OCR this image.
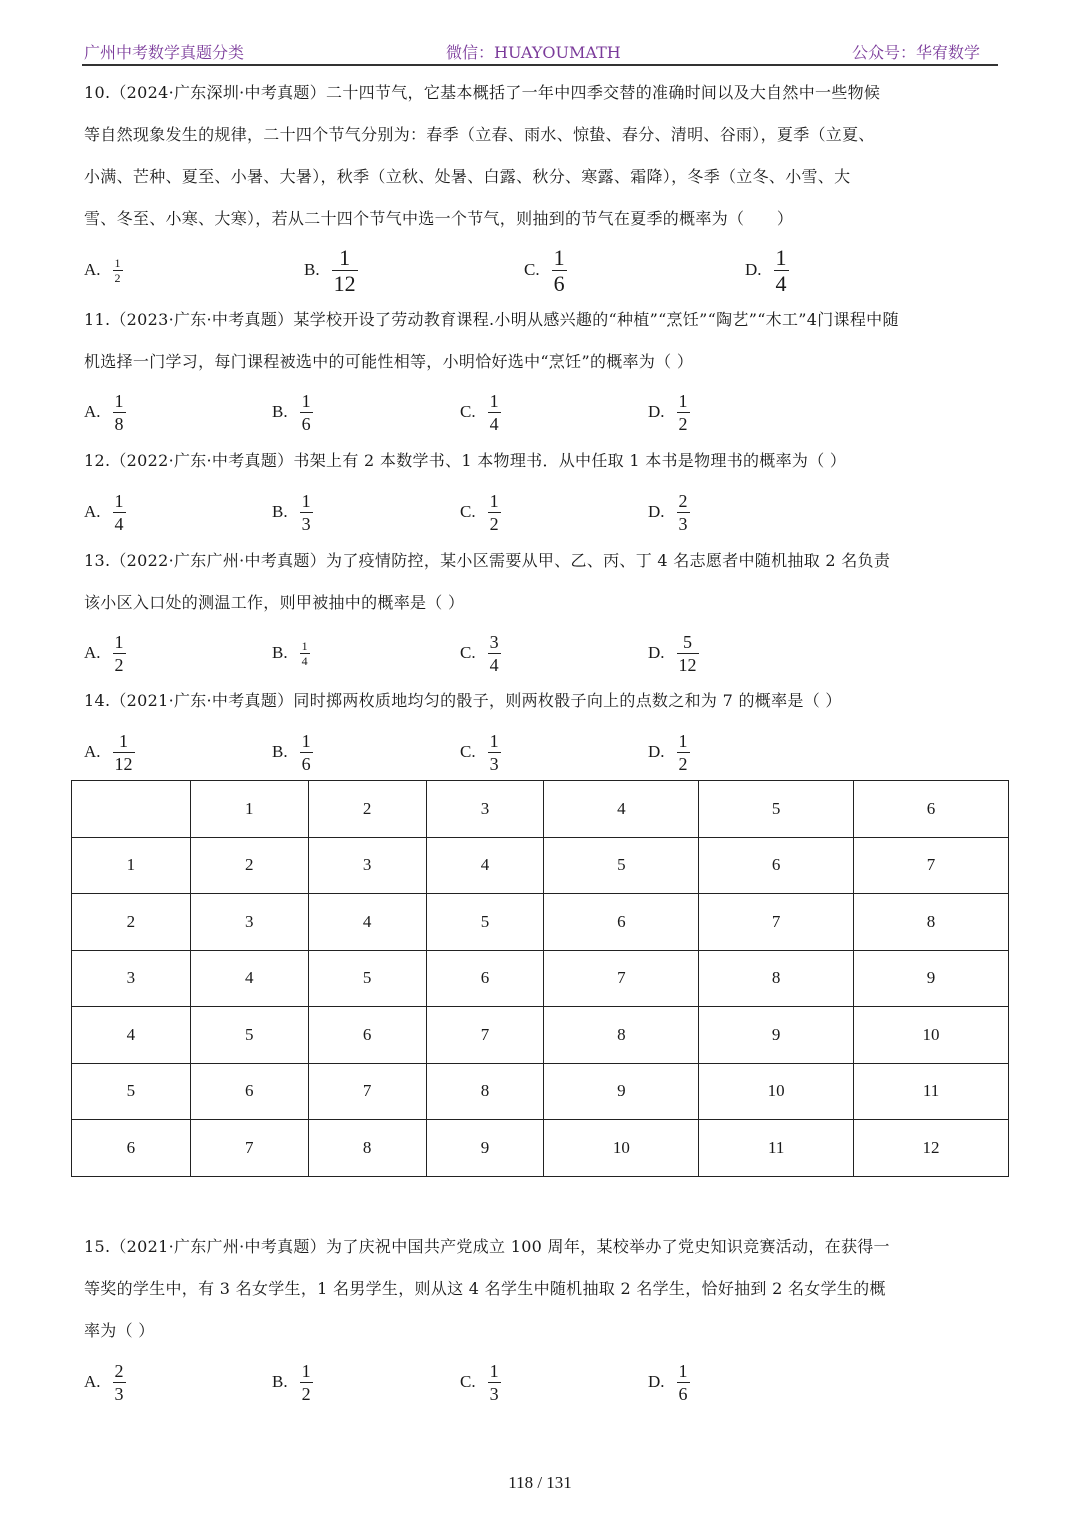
广州中考数学真题分类	微信：HUAYOUMATH	公众号：华宥数学
10.（2024·广东深圳·中考真题）二十四节气，它基本概括了一年中四季交替的准确时间以及大自然中一些物候
等自然现象发生的规律，二十四个节气分别为：春季（立春、雨水、惊蛰、春分、清明、谷雨），夏季（立夏、
小满、芒种、夏至、小暑、大暑），秋季（立秋、处暑、白露、秋分、寒露、霜降），冬季（立冬、小雪、大
雪、冬至、小寒、大寒），若从二十四个节气中选一个节气，则抽到的节气在夏季的概率为（　　）
A. $\frac{1}{2}$	B. $\frac{1}{12}$	C. $\frac{1}{6}$	D. $\frac{1}{4}$
11.（2023·广东·中考真题）某学校开设了劳动教育课程.小明从感兴趣的“种植”“烹饪”“陶艺”“木工”4门课程中随
机选择一门学习，每门课程被选中的可能性相等，小明恰好选中“烹饪”的概率为（ ）
A. $\frac{1}{8}$	B. $\frac{1}{6}$	C. $\frac{1}{4}$	D. $\frac{1}{2}$
12.（2022·广东·中考真题）书架上有 2 本数学书、1 本物理书．从中任取 1 本书是物理书的概率为（ ）
A. $\frac{1}{4}$	B. $\frac{1}{3}$	C. $\frac{1}{2}$	D. $\frac{2}{3}$
13.（2022·广东广州·中考真题）为了疫情防控，某小区需要从甲、乙、丙、丁 4 名志愿者中随机抽取 2 名负责
该小区入口处的测温工作，则甲被抽中的概率是（ ）
A. $\frac{1}{2}$	B. $\frac{1}{4}$	C. $\frac{3}{4}$	D. $\frac{5}{12}$
14.（2021·广东·中考真题）同时掷两枚质地均匀的骰子，则两枚骰子向上的点数之和为 7 的概率是（ ）
A. $\frac{1}{12}$	B. $\frac{1}{6}$	C. $\frac{1}{3}$	D. $\frac{1}{2}$
	1	2	3	4	5	6
1	2	3	4	5	6	7
2	3	4	5	6	7	8
3	4	5	6	7	8	9
4	5	6	7	8	9	10
5	6	7	8	9	10	11
6	7	8	9	10	11	12
15.（2021·广东广州·中考真题）为了庆祝中国共产党成立 100 周年，某校举办了党史知识竞赛活动，在获得一
等奖的学生中，有 3 名女学生，1 名男学生，则从这 4 名学生中随机抽取 2 名学生，恰好抽到 2 名女学生的概
率为（ ）
A. $\frac{2}{3}$	B. $\frac{1}{2}$	C. $\frac{1}{3}$	D. $\frac{1}{6}$
118 / 131
